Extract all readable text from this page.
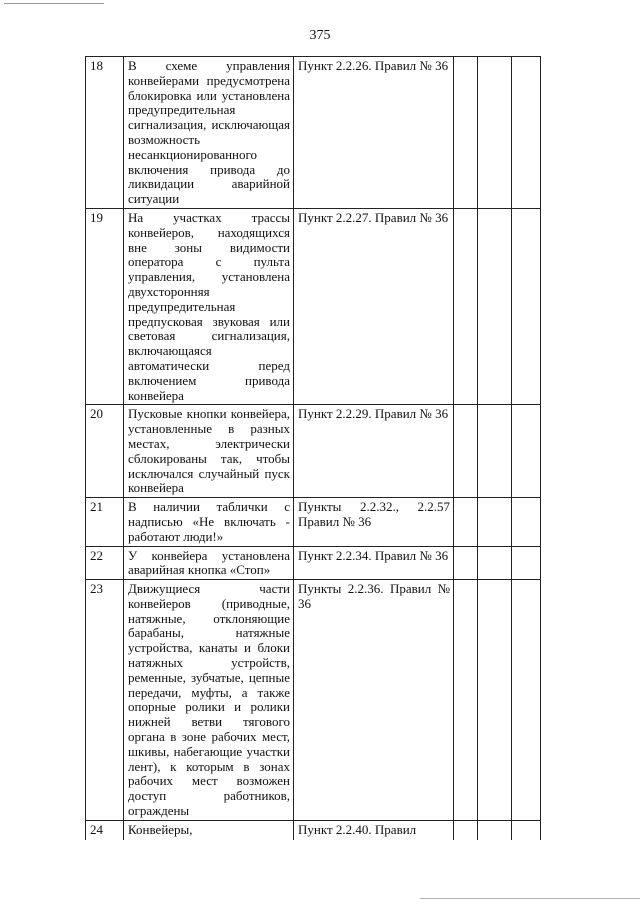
375
18	В схеме управления конвейерами предусмотрена блокировка или установлена предупредительная сигнализация, исключающая возможность несанкционированного включения привода до ликвидации аварийной ситуации	Пункт 2.2.26. Правил № 36			
19	На участках трассы конвейеров, находящихся вне зоны видимости оператора с пульта управления, установлена двухсторонняя предупредительная предпусковая звуковая или световая сигнализация, включающаяся автоматически перед включением привода конвейера	Пункт 2.2.27. Правил № 36			
20	Пусковые кнопки конвейера, установленные в разных местах, электрически сблокированы так, чтобы исключался случайный пуск конвейера	Пункт 2.2.29. Правил № 36			
21	В наличии таблички с надписью «Не включать - работают люди!»	Пункты 2.2.32., 2.2.57 Правил № 36			
22	У конвейера установлена аварийная кнопка «Стоп»	Пункт 2.2.34. Правил № 36			
23	Движущиеся части конвейеров (приводные, натяжные, отклоняющие барабаны, натяжные устройства, канаты и блоки натяжных устройств, ременные, зубчатые, цепные передачи, муфты, а также опорные ролики и ролики нижней ветви тягового органа в зоне рабочих мест, шкивы, набегающие участки лент), к которым в зонах рабочих мест возможен доступ работников, ограждены	Пункты 2.2.36. Правил № 36			
24	Конвейеры,	Пункт 2.2.40. Правил			
